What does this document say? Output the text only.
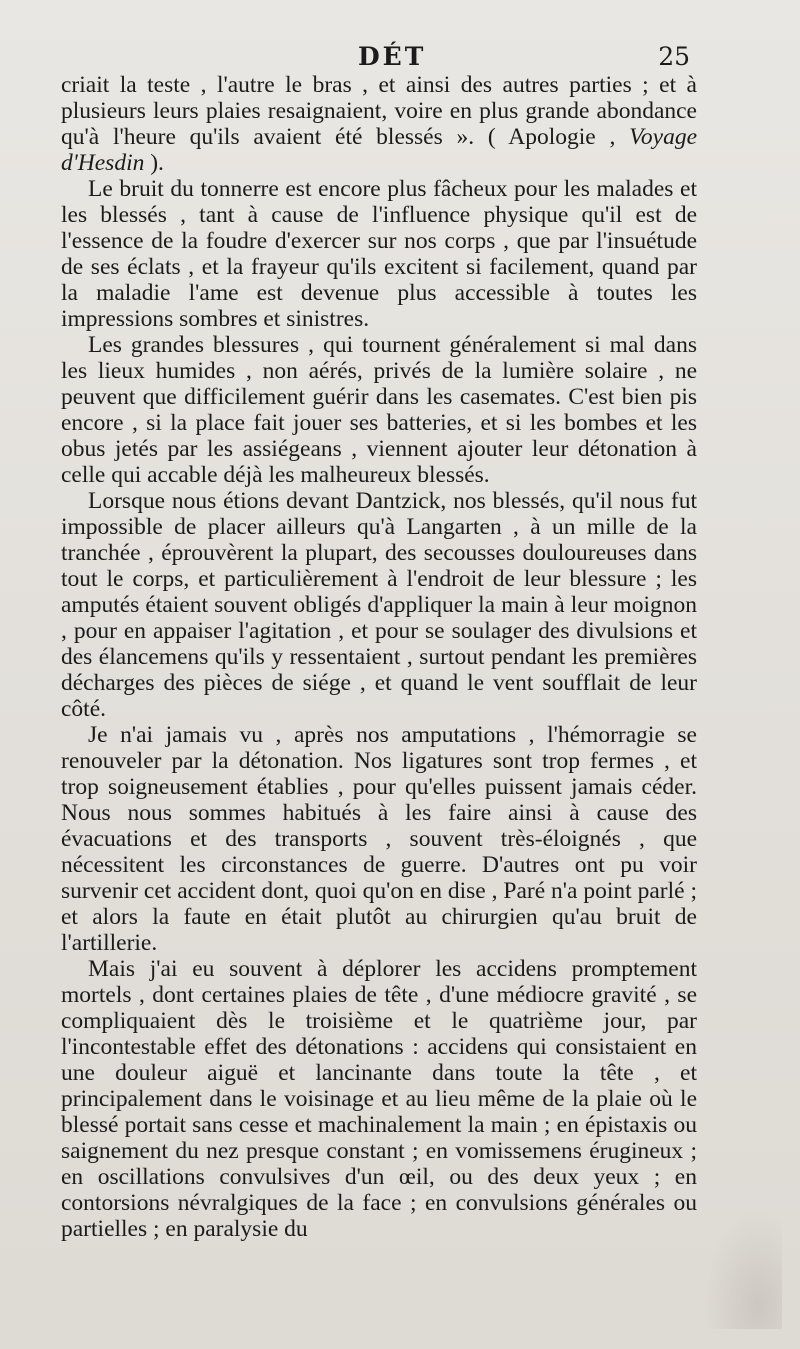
DÉT	25

criait la teste , l'autre le bras , et ainsi des autres parties ; et à plusieurs leurs plaies resaignaient, voire en plus grande abondance qu'à l'heure qu'ils avaient été blessés ». ( Apologie , Voyage d'Hesdin ).

Le bruit du tonnerre est encore plus fâcheux pour les malades et les blessés , tant à cause de l'influence physique qu'il est de l'essence de la foudre d'exercer sur nos corps , que par l'insuétude de ses éclats , et la frayeur qu'ils excitent si facilement, quand par la maladie l'ame est devenue plus accessible à toutes les impressions sombres et sinistres.

Les grandes blessures , qui tournent généralement si mal dans les lieux humides , non aérés, privés de la lumière solaire , ne peuvent que difficilement guérir dans les casemates. C'est bien pis encore , si la place fait jouer ses batteries, et si les bombes et les obus jetés par les assiégeans , viennent ajouter leur détonation à celle qui accable déjà les malheureux blessés.

Lorsque nous étions devant Dantzick, nos blessés, qu'il nous fut impossible de placer ailleurs qu'à Langarten , à un mille de la tranchée , éprouvèrent la plupart, des secousses douloureuses dans tout le corps, et particulièrement à l'endroit de leur blessure ; les amputés étaient souvent obligés d'appliquer la main à leur moignon , pour en appaiser l'agitation , et pour se soulager des divulsions et des élancemens qu'ils y ressentaient , surtout pendant les premières décharges des pièces de siége , et quand le vent soufflait de leur côté.

Je n'ai jamais vu , après nos amputations , l'hémorragie se renouveler par la détonation. Nos ligatures sont trop fermes , et trop soigneusement établies , pour qu'elles puissent jamais céder. Nous nous sommes habitués à les faire ainsi à cause des évacuations et des transports , souvent très-éloignés , que nécessitent les circonstances de guerre. D'autres ont pu voir survenir cet accident dont, quoi qu'on en dise , Paré n'a point parlé ; et alors la faute en était plutôt au chirurgien qu'au bruit de l'artillerie.

Mais j'ai eu souvent à déplorer les accidens promptement mortels , dont certaines plaies de tête , d'une médiocre gravité , se compliquaient dès le troisième et le quatrième jour, par l'incontestable effet des détonations : accidens qui consistaient en une douleur aiguë et lancinante dans toute la tête , et principalement dans le voisinage et au lieu même de la plaie où le blessé portait sans cesse et machinalement la main ; en épistaxis ou saignement du nez presque constant ; en vomissemens érugineux ; en oscillations convulsives d'un œil, ou des deux yeux ; en contorsions névralgiques de la face ; en convulsions générales ou partielles ; en paralysie du
